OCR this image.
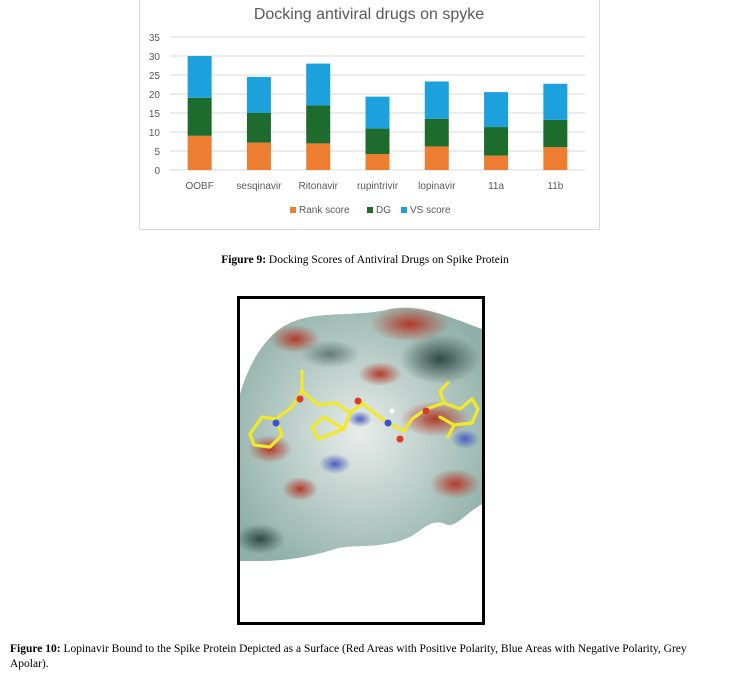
Docking antiviral drugs on spyke
0
5
10
15
20
25
30
35
OOBF sesqinavir Ritonavir rupintrivir lopinavir	11a	11b
Rank score	DG VS score
Figure 9: Docking Scores of Antiviral Drugs on Spike Protein
Figure 10: Lopinavir Bound to the Spike Protein Depicted as a Surface (Red Areas with Positive Polarity, Blue Areas with Negative Polarity, Grey Apolar).
